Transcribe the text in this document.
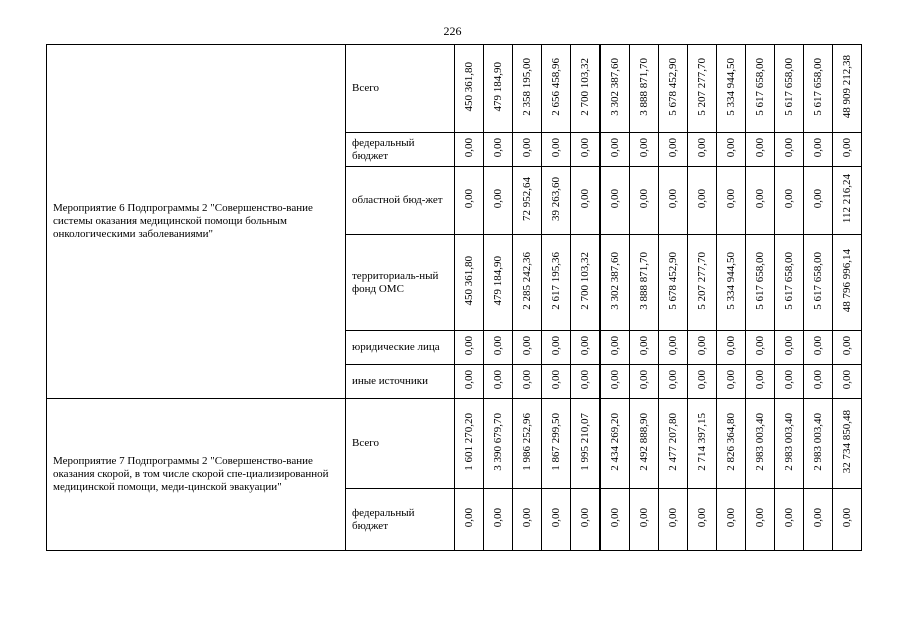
226
Мероприятие 6 Подпрограммы 2 "Совершенство-вание системы оказания медицинской помощи больным онкологическими заболеваниями"	Всего	450 361,80	479 184,90	2 358 195,00	2 656 458,96	2 700 103,32	3 302 387,60	3 888 871,70	5 678 452,90	5 207 277,70	5 334 944,50	5 617 658,00	5 617 658,00	5 617 658,00	48 909 212,38
	федеральный бюджет	0,00	0,00	0,00	0,00	0,00	0,00	0,00	0,00	0,00	0,00	0,00	0,00	0,00	0,00
	областной бюд-жет	0,00	0,00	72 952,64	39 263,60	0,00	0,00	0,00	0,00	0,00	0,00	0,00	0,00	0,00	112 216,24
	территориаль-ный фонд ОМС	450 361,80	479 184,90	2 285 242,36	2 617 195,36	2 700 103,32	3 302 387,60	3 888 871,70	5 678 452,90	5 207 277,70	5 334 944,50	5 617 658,00	5 617 658,00	5 617 658,00	48 796 996,14
	юридические лица	0,00	0,00	0,00	0,00	0,00	0,00	0,00	0,00	0,00	0,00	0,00	0,00	0,00	0,00
	иные источники	0,00	0,00	0,00	0,00	0,00	0,00	0,00	0,00	0,00	0,00	0,00	0,00	0,00	0,00
Мероприятие 7 Подпрограммы 2 "Совершенство-вание оказания скорой, в том числе скорой спе-циализированной медицинской помощи, меди-цинской эвакуации"	Всего	1 601 270,20	3 390 679,70	1 986 252,96	1 867 299,50	1 995 210,07	2 434 269,20	2 492 888,90	2 477 207,80	2 714 397,15	2 826 364,80	2 983 003,40	2 983 003,40	2 983 003,40	32 734 850,48
	федеральный бюджет	0,00	0,00	0,00	0,00	0,00	0,00	0,00	0,00	0,00	0,00	0,00	0,00	0,00	0,00
